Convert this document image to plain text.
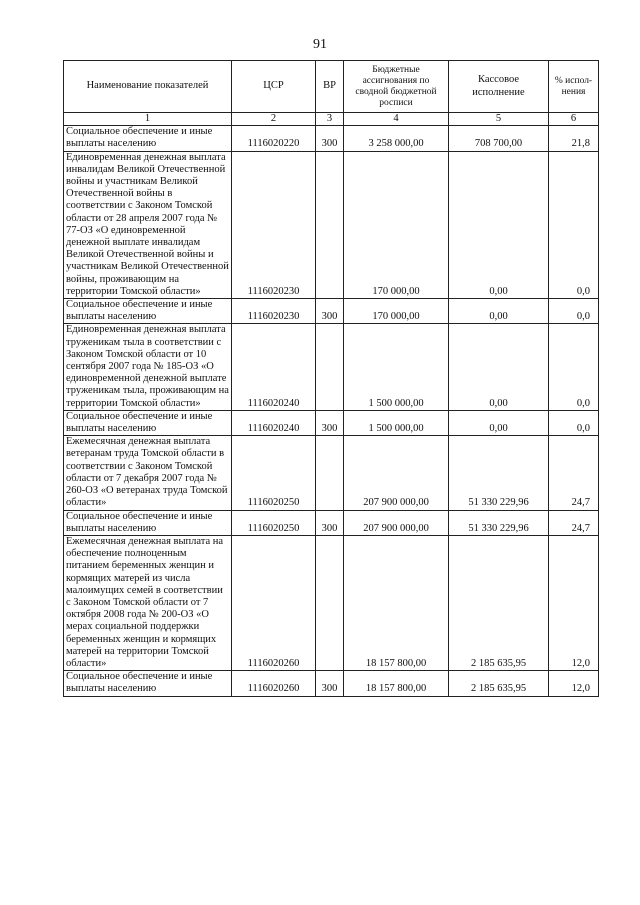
91
Наименование показателей	ЦСР	ВР	Бюджетные ассигнования по сводной бюджетной росписи	Кассовое исполнение	% испол-нения
1	2	3	4	5	6
Социальное обеспечение и иные выплаты населению	1116020220	300	3 258 000,00	708 700,00	21,8
Единовременная денежная выплата инвалидам Великой Отечественной войны и участникам Великой Отечественной войны в соответствии с Законом Томской области от 28 апреля 2007 года № 77-ОЗ «О единовременной денежной выплате инвалидам Великой Отечественной войны и участникам Великой Отечественной войны, проживающим на территории Томской области»	1116020230		170 000,00	0,00	0,0
Социальное обеспечение и иные выплаты населению	1116020230	300	170 000,00	0,00	0,0
Единовременная денежная выплата труженикам тыла в соответствии с Законом Томской области от 10 сентября 2007 года № 185-ОЗ «О единовременной денежной выплате труженикам тыла, проживающим на территории Томской области»	1116020240		1 500 000,00	0,00	0,0
Социальное обеспечение и иные выплаты населению	1116020240	300	1 500 000,00	0,00	0,0
Ежемесячная денежная выплата ветеранам труда Томской области в соответствии с Законом Томской области от 7 декабря 2007 года № 260-ОЗ «О ветеранах труда Томской области»	1116020250		207 900 000,00	51 330 229,96	24,7
Социальное обеспечение и иные выплаты населению	1116020250	300	207 900 000,00	51 330 229,96	24,7
Ежемесячная денежная выплата на обеспечение полноценным питанием беременных женщин и кормящих матерей из числа малоимущих семей в соответствии с Законом Томской области от 7 октября 2008 года № 200-ОЗ «О мерах социальной поддержки беременных женщин и кормящих матерей на территории Томской области»	1116020260		18 157 800,00	2 185 635,95	12,0
Социальное обеспечение и иные выплаты населению	1116020260	300	18 157 800,00	2 185 635,95	12,0
